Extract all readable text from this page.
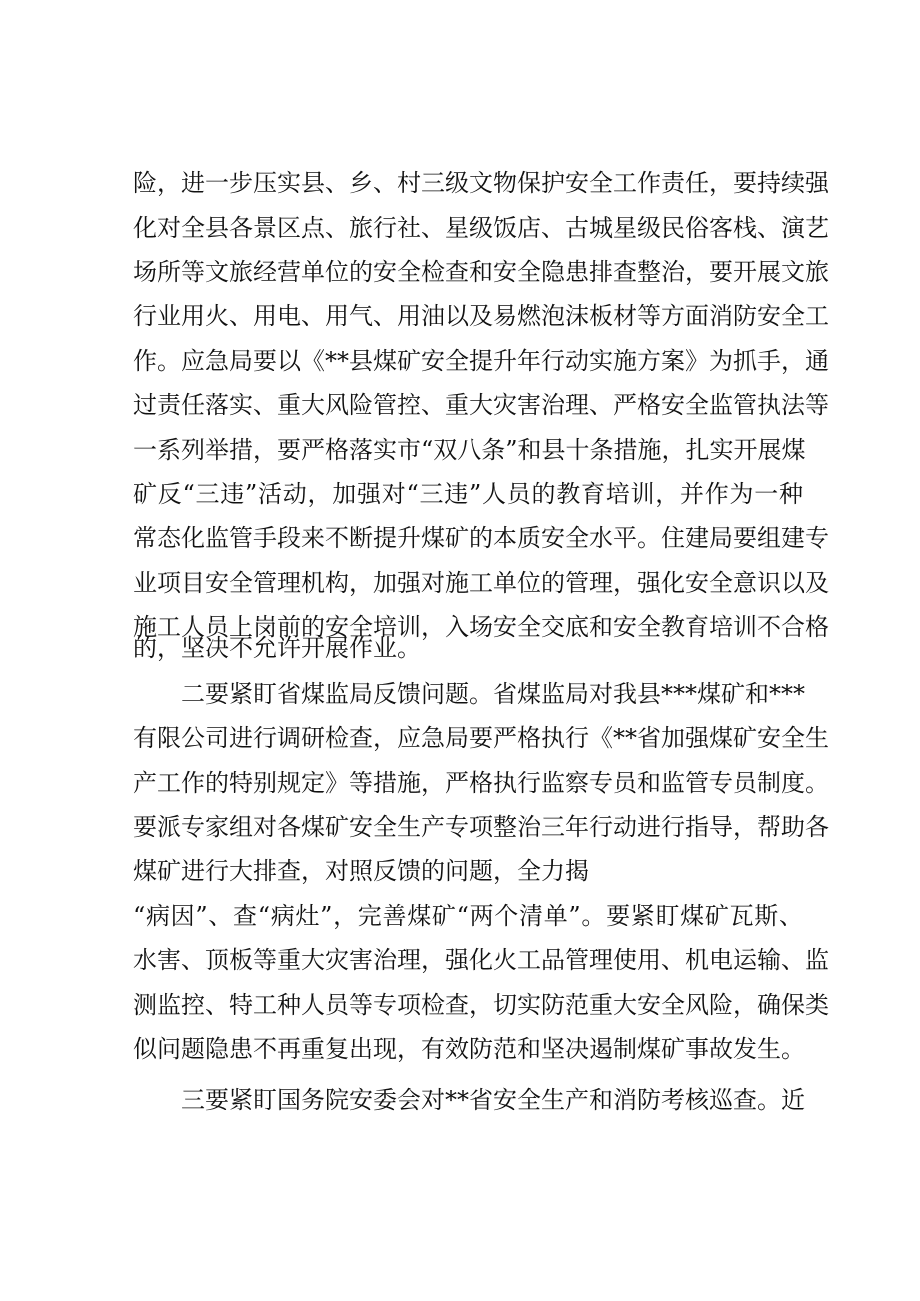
险，进一步压实县、乡、村三级文物保护安全工作责任，要持续强
化对全县各景区点、旅行社、星级饭店、古城星级民俗客栈、演艺
场所等文旅经营单位的安全检查和安全隐患排查整治，要开展文旅
行业用火、用电、用气、用油以及易燃泡沫板材等方面消防安全工
作。应急局要以《**县煤矿安全提升年行动实施方案》为抓手，通
过责任落实、重大风险管控、重大灾害治理、严格安全监管执法等
一系列举措，要严格落实市“双八条”和县十条措施，扎实开展煤
矿反“三违”活动，加强对“三违”人员的教育培训，并作为一种
常态化监管手段来不断提升煤矿的本质安全水平。住建局要组建专
业项目安全管理机构，加强对施工单位的管理，强化安全意识以及
施工人员上岗前的安全培训，入场安全交底和安全教育培训不合格
的，坚决不允许开展作业。
二要紧盯省煤监局反馈问题。省煤监局对我县***煤矿和***
有限公司进行调研检查，应急局要严格执行《**省加强煤矿安全生
产工作的特别规定》等措施，严格执行监察专员和监管专员制度。
要派专家组对各煤矿安全生产专项整治三年行动进行指导，帮助各
煤矿进行大排查，对照反馈的问题，全力揭
“病因”、查“病灶”，完善煤矿“两个清单”。要紧盯煤矿瓦斯、
水害、顶板等重大灾害治理，强化火工品管理使用、机电运输、监
测监控、特工种人员等专项检查，切实防范重大安全风险，确保类
似问题隐患不再重复出现，有效防范和坚决遏制煤矿事故发生。
三要紧盯国务院安委会对**省安全生产和消防考核巡查。近
